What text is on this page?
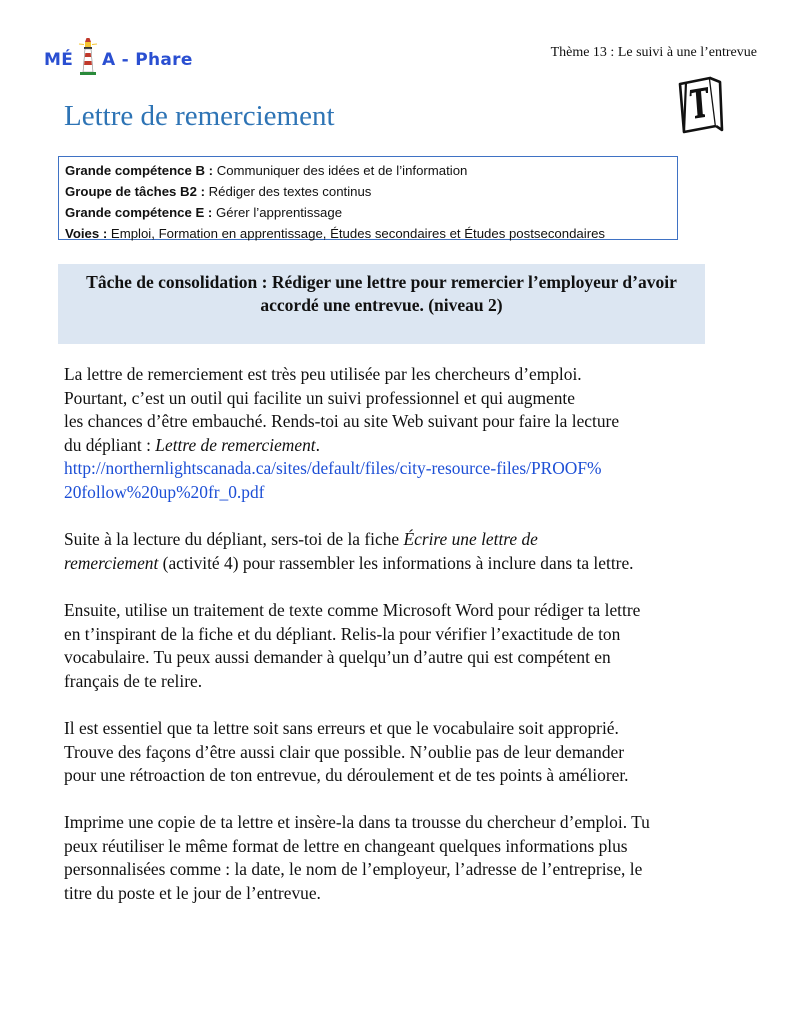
MÉ A - Phare	Thème 13 : Le suivi à une l’entrevue
Lettre de remerciement
Grande compétence B : Communiquer des idées et de l’information
Groupe de tâches B2 : Rédiger des textes continus
Grande compétence E : Gérer l’apprentissage
Voies : Emploi, Formation en apprentissage, Études secondaires et Études postsecondaires
Tâche de consolidation : Rédiger une lettre pour remercier l’employeur d’avoir
accordé une entrevue. (niveau 2)

La lettre de remerciement est très peu utilisée par les chercheurs d’emploi.
Pourtant, c’est un outil qui facilite un suivi professionnel et qui augmente
les chances d’être embauché. Rends-toi au site Web suivant pour faire la lecture
du dépliant : Lettre de remerciement.
http://northernlightscanada.ca/sites/default/files/city-resource-files/PROOF%
20follow%20up%20fr_0.pdf

Suite à la lecture du dépliant, sers-toi de la fiche Écrire une lettre de
remerciement (activité 4) pour rassembler les informations à inclure dans ta lettre.

Ensuite, utilise un traitement de texte comme Microsoft Word pour rédiger ta lettre
en t’inspirant de la fiche et du dépliant. Relis-la pour vérifier l’exactitude de ton
vocabulaire. Tu peux aussi demander à quelqu’un d’autre qui est compétent en
français de te relire.

Il est essentiel que ta lettre soit sans erreurs et que le vocabulaire soit approprié.
Trouve des façons d’être aussi clair que possible. N’oublie pas de leur demander
pour une rétroaction de ton entrevue, du déroulement et de tes points à améliorer.

Imprime une copie de ta lettre et insère-la dans ta trousse du chercheur d’emploi. Tu
peux réutiliser le même format de lettre en changeant quelques informations plus
personnalisées comme : la date, le nom de l’employeur, l’adresse de l’entreprise, le
titre du poste et le jour de l’entrevue.
